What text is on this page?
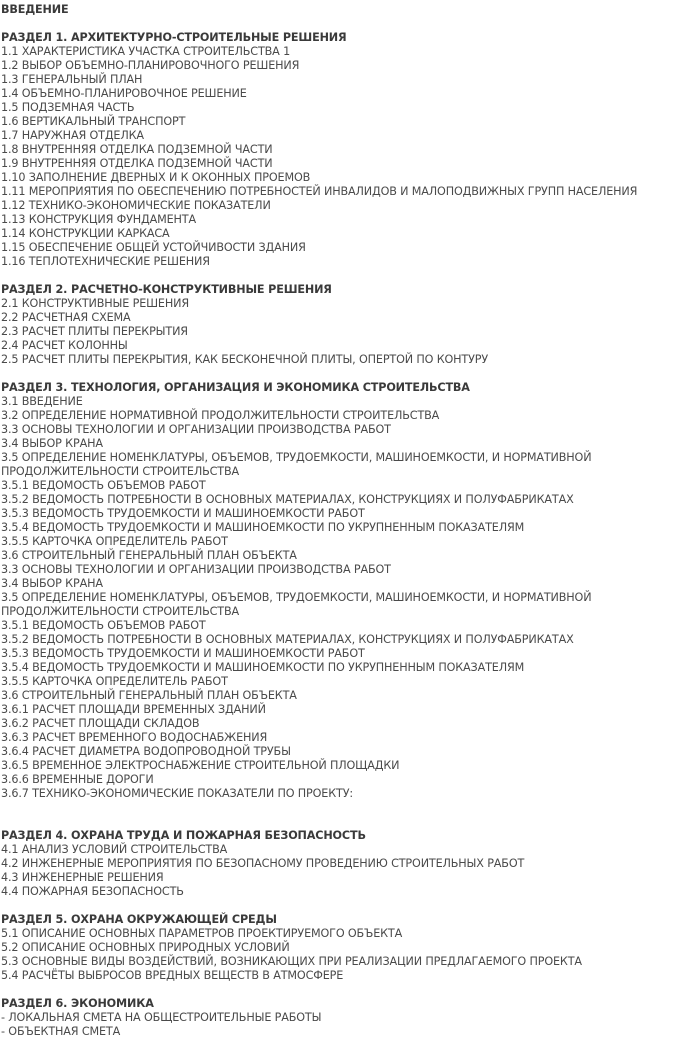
ВВЕДЕНИЕ
РАЗДЕЛ 1. АРХИТЕКТУРНО-СТРОИТЕЛЬНЫЕ РЕШЕНИЯ
1.1 ХАРАКТЕРИСТИКА УЧАСТКА СТРОИТЕЛЬСТВА 1
1.2 ВЫБОР ОБЪЕМНО-ПЛАНИРОВОЧНОГО РЕШЕНИЯ
1.3 ГЕНЕРАЛЬНЫЙ ПЛАН
1.4 ОБЪЕМНО-ПЛАНИРОВОЧНОЕ РЕШЕНИЕ
1.5 ПОДЗЕМНАЯ ЧАСТЬ
1.6 ВЕРТИКАЛЬНЫЙ ТРАНСПОРТ
1.7 НАРУЖНАЯ ОТДЕЛКА
1.8 ВНУТРЕННЯЯ ОТДЕЛКА ПОДЗЕМНОЙ ЧАСТИ
1.9 ВНУТРЕННЯЯ ОТДЕЛКА ПОДЗЕМНОЙ ЧАСТИ
1.10 ЗАПОЛНЕНИЕ ДВЕРНЫХ И К ОКОННЫХ ПРОЕМОВ
1.11 МЕРОПРИЯТИЯ ПО ОБЕСПЕЧЕНИЮ ПОТРЕБНОСТЕЙ ИНВАЛИДОВ И МАЛОПОДВИЖНЫХ ГРУПП НАСЕЛЕНИЯ
1.12 ТЕХНИКО-ЭКОНОМИЧЕСКИЕ ПОКАЗАТЕЛИ
1.13 КОНСТРУКЦИЯ ФУНДАМЕНТА
1.14 КОНСТРУКЦИИ КАРКАСА
1.15 ОБЕСПЕЧЕНИЕ ОБЩЕЙ УСТОЙЧИВОСТИ ЗДАНИЯ
1.16 ТЕПЛОТЕХНИЧЕСКИЕ РЕШЕНИЯ
РАЗДЕЛ 2. РАСЧЕТНО-КОНСТРУКТИВНЫЕ РЕШЕНИЯ
2.1 КОНСТРУКТИВНЫЕ РЕШЕНИЯ
2.2 РАСЧЕТНАЯ СХЕМА
2.3 РАСЧЕТ ПЛИТЫ ПЕРЕКРЫТИЯ
2.4 РАСЧЕТ КОЛОННЫ
2.5 РАСЧЕТ ПЛИТЫ ПЕРЕКРЫТИЯ, КАК БЕСКОНЕЧНОЙ ПЛИТЫ, ОПЕРТОЙ ПО КОНТУРУ
РАЗДЕЛ 3. ТЕХНОЛОГИЯ, ОРГАНИЗАЦИЯ И ЭКОНОМИКА СТРОИТЕЛЬСТВА
3.1 ВВЕДЕНИЕ
3.2 ОПРЕДЕЛЕНИЕ НОРМАТИВНОЙ ПРОДОЛЖИТЕЛЬНОСТИ СТРОИТЕЛЬСТВА
3.3 ОСНОВЫ ТЕХНОЛОГИИ И ОРГАНИЗАЦИИ ПРОИЗВОДСТВА РАБОТ
3.4 ВЫБОР КРАНА
3.5 ОПРЕДЕЛЕНИЕ НОМЕНКЛАТУРЫ, ОБЪЕМОВ, ТРУДОЕМКОСТИ, МАШИНОЕМКОСТИ, И НОРМАТИВНОЙ ПРОДОЛЖИТЕЛЬНОСТИ СТРОИТЕЛЬСТВА
3.5.1 ВЕДОМОСТЬ ОБЪЕМОВ РАБОТ
3.5.2 ВЕДОМОСТЬ ПОТРЕБНОСТИ В ОСНОВНЫХ МАТЕРИАЛАХ, КОНСТРУКЦИЯХ И ПОЛУФАБРИКАТАХ
3.5.3 ВЕДОМОСТЬ ТРУДОЕМКОСТИ И МАШИНОЕМКОСТИ РАБОТ
3.5.4 ВЕДОМОСТЬ ТРУДОЕМКОСТИ И МАШИНОЕМКОСТИ ПО УКРУПНЕННЫМ ПОКАЗАТЕЛЯМ
3.5.5 КАРТОЧКА ОПРЕДЕЛИТЕЛЬ РАБОТ
3.6 СТРОИТЕЛЬНЫЙ ГЕНЕРАЛЬНЫЙ ПЛАН ОБЪЕКТА
3.3 ОСНОВЫ ТЕХНОЛОГИИ И ОРГАНИЗАЦИИ ПРОИЗВОДСТВА РАБОТ
3.4 ВЫБОР КРАНА
3.5 ОПРЕДЕЛЕНИЕ НОМЕНКЛАТУРЫ, ОБЪЕМОВ, ТРУДОЕМКОСТИ, МАШИНОЕМКОСТИ, И НОРМАТИВНОЙ ПРОДОЛЖИТЕЛЬНОСТИ СТРОИТЕЛЬСТВА
3.5.1 ВЕДОМОСТЬ ОБЪЕМОВ РАБОТ
3.5.2 ВЕДОМОСТЬ ПОТРЕБНОСТИ В ОСНОВНЫХ МАТЕРИАЛАХ, КОНСТРУКЦИЯХ И ПОЛУФАБРИКАТАХ
3.5.3 ВЕДОМОСТЬ ТРУДОЕМКОСТИ И МАШИНОЕМКОСТИ РАБОТ
3.5.4 ВЕДОМОСТЬ ТРУДОЕМКОСТИ И МАШИНОЕМКОСТИ ПО УКРУПНЕННЫМ ПОКАЗАТЕЛЯМ
3.5.5 КАРТОЧКА ОПРЕДЕЛИТЕЛЬ РАБОТ
3.6 СТРОИТЕЛЬНЫЙ ГЕНЕРАЛЬНЫЙ ПЛАН ОБЪЕКТА
3.6.1 РАСЧЕТ ПЛОЩАДИ ВРЕМЕННЫХ ЗДАНИЙ
3.6.2 РАСЧЕТ ПЛОЩАДИ СКЛАДОВ
3.6.3 РАСЧЕТ ВРЕМЕННОГО ВОДОСНАБЖЕНИЯ
3.6.4 РАСЧЕТ ДИАМЕТРА ВОДОПРОВОДНОЙ ТРУБЫ
3.6.5 ВРЕМЕННОЕ ЭЛЕКТРОСНАБЖЕНИЕ СТРОИТЕЛЬНОЙ ПЛОЩАДКИ
3.6.6 ВРЕМЕННЫЕ ДОРОГИ
3.6.7 ТЕХНИКО-ЭКОНОМИЧЕСКИЕ ПОКАЗАТЕЛИ ПО ПРОЕКТУ:
РАЗДЕЛ 4. ОХРАНА ТРУДА И ПОЖАРНАЯ БЕЗОПАСНОСТЬ
4.1 АНАЛИЗ УСЛОВИЙ СТРОИТЕЛЬСТВА
4.2 ИНЖЕНЕРНЫЕ МЕРОПРИЯТИЯ ПО БЕЗОПАСНОМУ ПРОВЕДЕНИЮ СТРОИТЕЛЬНЫХ РАБОТ
4.3 ИНЖЕНЕРНЫЕ РЕШЕНИЯ
4.4 ПОЖАРНАЯ БЕЗОПАСНОСТЬ
РАЗДЕЛ 5. ОХРАНА ОКРУЖАЮЩЕЙ СРЕДЫ
5.1 ОПИСАНИЕ ОСНОВНЫХ ПАРАМЕТРОВ ПРОЕКТИРУЕМОГО ОБЪЕКТА
5.2 ОПИСАНИЕ ОСНОВНЫХ ПРИРОДНЫХ УСЛОВИЙ
5.3 ОСНОВНЫЕ ВИДЫ ВОЗДЕЙСТВИЙ, ВОЗНИКАЮЩИХ ПРИ РЕАЛИЗАЦИИ ПРЕДЛАГАЕМОГО ПРОЕКТА
5.4 РАСЧЁТЫ ВЫБРОСОВ ВРЕДНЫХ ВЕЩЕСТВ В АТМОСФЕРЕ
РАЗДЕЛ 6. ЭКОНОМИКА
- ЛОКАЛЬНАЯ СМЕТА НА ОБЩЕСТРОИТЕЛЬНЫЕ РАБОТЫ
- ОБЪЕКТНАЯ СМЕТА
